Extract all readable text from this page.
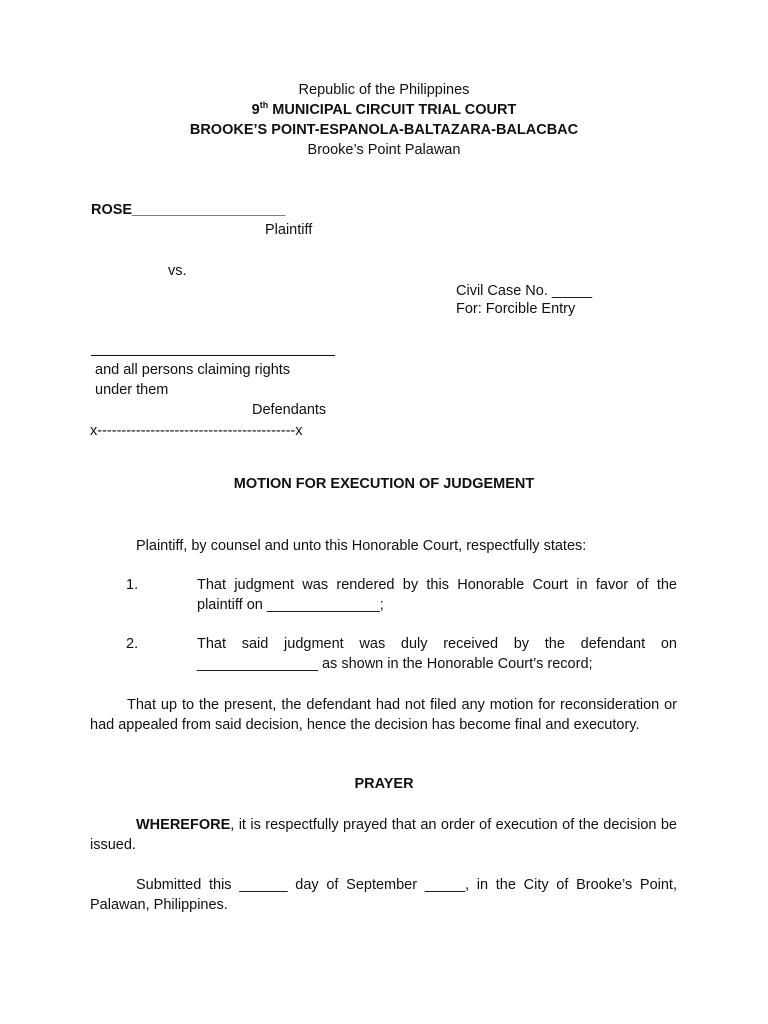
Republic of the Philippines
9th MUNICIPAL CIRCUIT TRIAL COURT
BROOKE’S POINT-ESPANOLA-BALTAZARA-BALACBAC
Brooke’s Point Palawan
ROSE___________________
Plaintiff
vs.
Civil Case No. _____
For: Forcible Entry
and all persons claiming rights
under them
Defendants
x-----------------------------------------x
MOTION FOR EXECUTION OF JUDGEMENT
Plaintiff, by counsel and unto this Honorable Court, respectfully states:
1.	That judgment was rendered by this Honorable Court in favor of the plaintiff on ______________;
2.	That said judgment was duly received by the defendant on _______________ as shown in the Honorable Court’s record;
That up to the present, the defendant had not filed any motion for reconsideration or had appealed from said decision, hence the decision has become final and executory.
PRAYER
WHEREFORE, it is respectfully prayed that an order of execution of the decision be issued.
Submitted this ______ day of September _____, in the City of Brooke’s Point, Palawan, Philippines.
